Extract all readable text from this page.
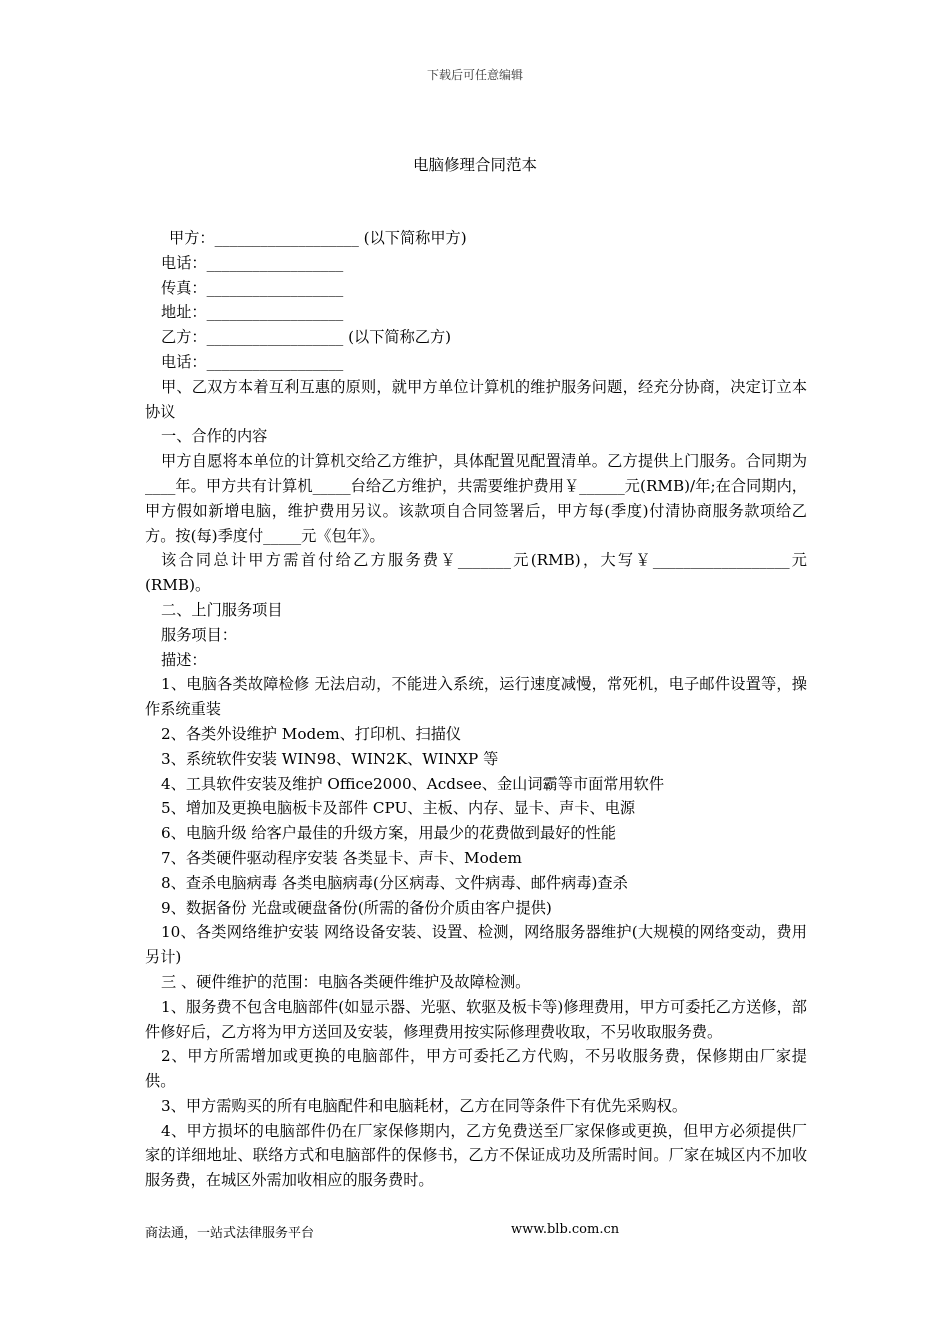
下载后可任意编辑
电脑修理合同范本

甲方：___________________ (以下简称甲方)

电话：__________________

传真：__________________

地址：__________________

乙方：__________________ (以下简称乙方)

电话：__________________

甲、乙双方本着互利互惠的原则，就甲方单位计算机的维护服务问题，经充分协商，决定订立本协议

一、合作的内容

甲方自愿将本单位的计算机交给乙方维护，具体配置见配置清单。乙方提供上门服务。合同期为____年。甲方共有计算机_____台给乙方维护，共需要维护费用￥______元(RMB)/年;在合同期内，甲方假如新增电脑，维护费用另议。该款项自合同签署后，甲方每(季度)付清协商服务款项给乙方。按(每)季度付_____元《包年》。

该合同总计甲方需首付给乙方服务费￥_______元(RMB)，大写￥__________________元(RMB)。

二、上门服务项目

服务项目：

描述：

1、电脑各类故障检修 无法启动，不能进入系统，运行速度减慢，常死机，电子邮件设置等，操作系统重装

2、各类外设维护 Modem、打印机、扫描仪

3、系统软件安装 WIN98、WIN2K、WINXP 等

4、工具软件安装及维护 Office2000、Acdsee、金山词霸等市面常用软件

5、增加及更换电脑板卡及部件 CPU、主板、内存、显卡、声卡、电源

6、电脑升级 给客户最佳的升级方案，用最少的花费做到最好的性能

7、各类硬件驱动程序安装 各类显卡、声卡、Modem

8、查杀电脑病毒 各类电脑病毒(分区病毒、文件病毒、邮件病毒)查杀

9、数据备份 光盘或硬盘备份(所需的备份介质由客户提供)

10、各类网络维护安装 网络设备安装、设置、检测，网络服务器维护(大规模的网络变动，费用另计)

三 、硬件维护的范围：电脑各类硬件维护及故障检测。

1、服务费不包含电脑部件(如显示器、光驱、软驱及板卡等)修理费用，甲方可委托乙方送修，部件修好后，乙方将为甲方送回及安装，修理费用按实际修理费收取，不另收取服务费。

2、甲方所需增加或更换的电脑部件，甲方可委托乙方代购，不另收服务费，保修期由厂家提供。

3、甲方需购买的所有电脑配件和电脑耗材，乙方在同等条件下有优先采购权。

4、甲方损坏的电脑部件仍在厂家保修期内，乙方免费送至厂家保修或更换，但甲方必须提供厂家的详细地址、联络方式和电脑部件的保修书，乙方不保证成功及所需时间。厂家在城区内不加收服务费，在城区外需加收相应的服务费时。

商法通，一站式法律服务平台	www.blb.com.cn
